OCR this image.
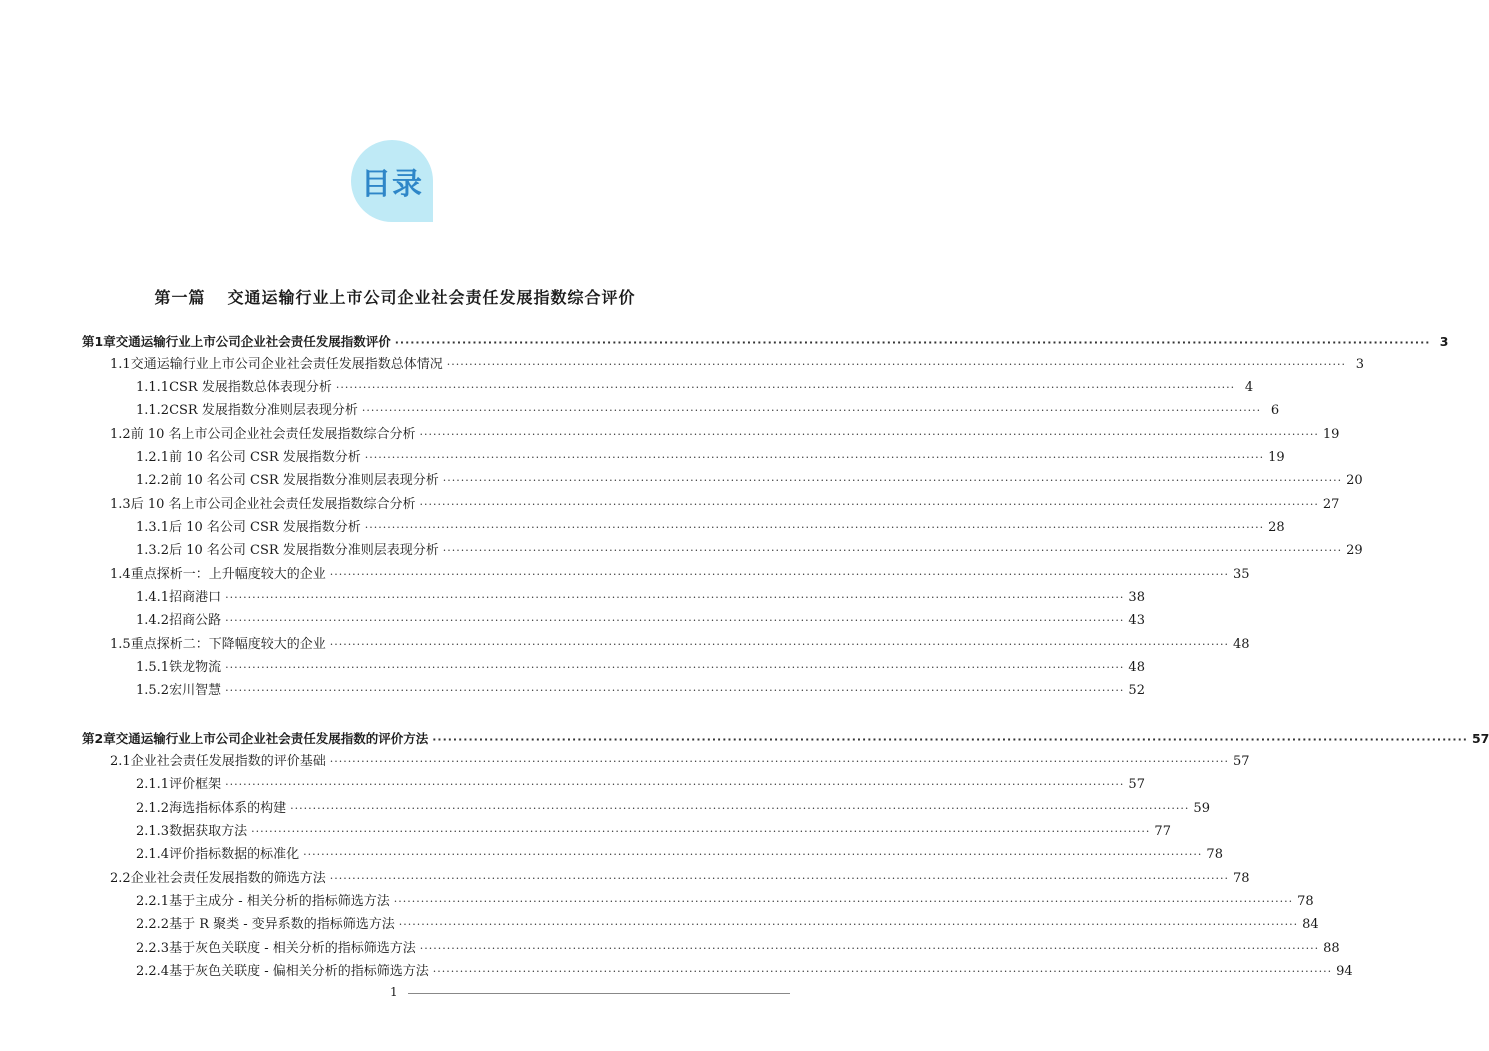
目录
第一篇 交通运输行业上市公司企业社会责任发展指数综合评价
第1章 交通运输行业上市公司企业社会责任发展指数评价 ········································································································································································································ 3
1.1 交通运输行业上市公司企业社会责任发展指数总体情况 ········································································································································································································ 3
1.1.1 CSR 发展指数总体表现分析 ········································································································································································································ 4
1.1.2 CSR 发展指数分准则层表现分析 ········································································································································································································ 6
1.2 前 10 名上市公司企业社会责任发展指数综合分析 ········································································································································································································ 19
1.2.1 前 10 名公司 CSR 发展指数分析 ········································································································································································································ 19
1.2.2 前 10 名公司 CSR 发展指数分准则层表现分析 ········································································································································································································ 20
1.3 后 10 名上市公司企业社会责任发展指数综合分析 ········································································································································································································ 27
1.3.1 后 10 名公司 CSR 发展指数分析 ········································································································································································································ 28
1.3.2 后 10 名公司 CSR 发展指数分准则层表现分析 ········································································································································································································ 29
1.4 重点探析一：上升幅度较大的企业 ········································································································································································································ 35
1.4.1 招商港口 ········································································································································································································ 38
1.4.2 招商公路 ········································································································································································································ 43
1.5 重点探析二：下降幅度较大的企业 ········································································································································································································ 48
1.5.1 铁龙物流 ········································································································································································································ 48
1.5.2 宏川智慧 ········································································································································································································ 52
第2章 交通运输行业上市公司企业社会责任发展指数的评价方法 ········································································································································································································ 57
2.1 企业社会责任发展指数的评价基础 ········································································································································································································ 57
2.1.1 评价框架 ········································································································································································································ 57
2.1.2 海选指标体系的构建 ········································································································································································································ 59
2.1.3 数据获取方法 ········································································································································································································ 77
2.1.4 评价指标数据的标准化 ········································································································································································································ 78
2.2 企业社会责任发展指数的筛选方法 ········································································································································································································ 78
2.2.1 基于主成分 - 相关分析的指标筛选方法 ········································································································································································································ 78
2.2.2 基于 R 聚类 - 变异系数的指标筛选方法 ········································································································································································································ 84
2.2.3 基于灰色关联度 - 相关分析的指标筛选方法 ········································································································································································································ 88
2.2.4 基于灰色关联度 - 偏相关分析的指标筛选方法 ········································································································································································································ 94
1
